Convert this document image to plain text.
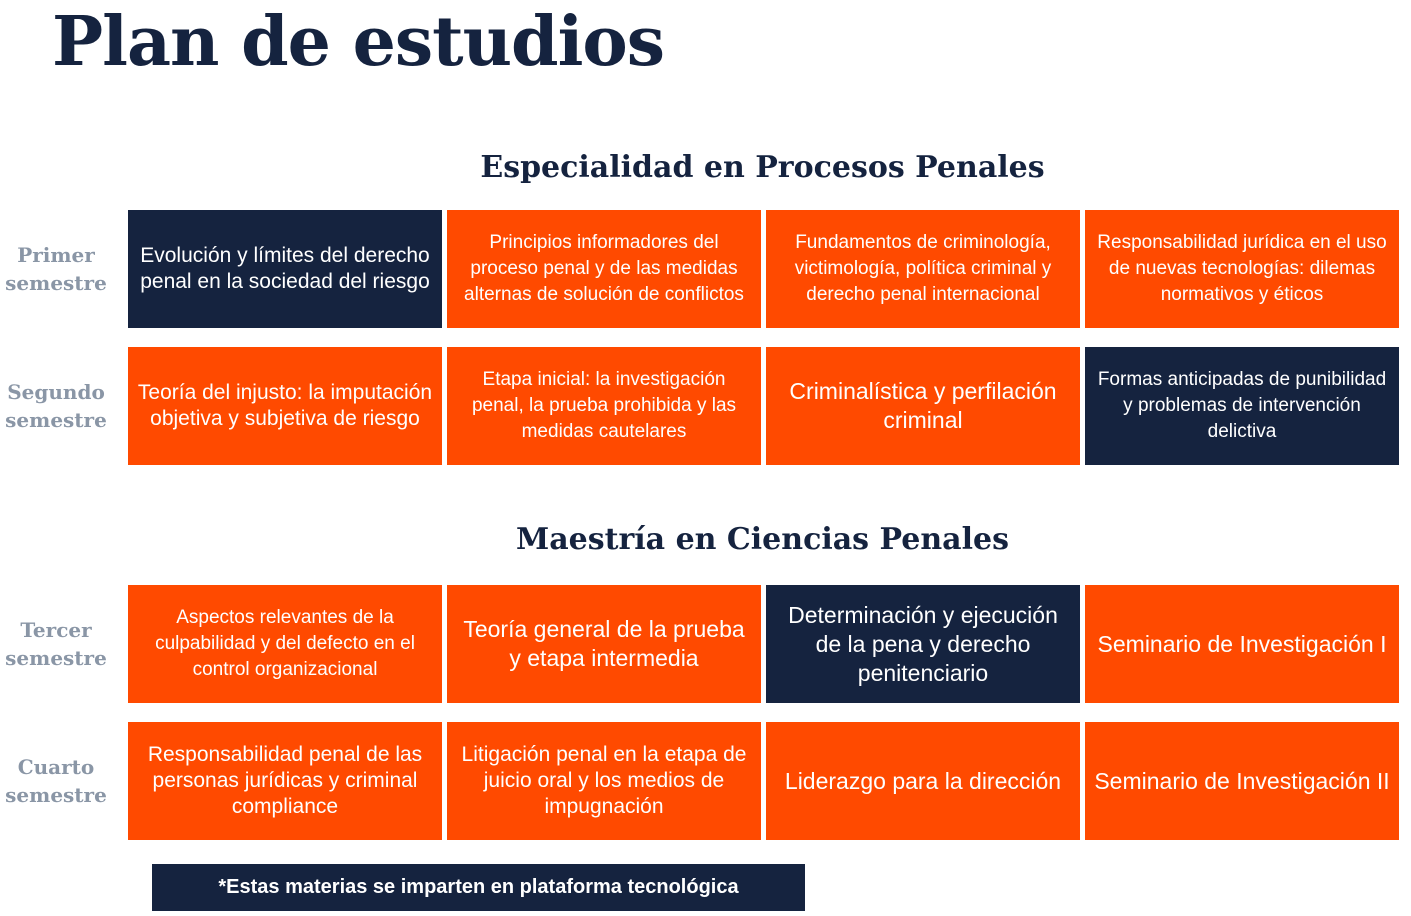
Plan de estudios
Especialidad en Procesos Penales
Primer
semestre
Evolución y límites del derecho penal en la sociedad del riesgo
Principios informadores del proceso penal y de las medidas alternas de solución de conflictos
Fundamentos de criminología, victimología, política criminal y derecho penal internacional
Responsabilidad jurídica en el uso de nuevas tecnologías: dilemas normativos y éticos
Segundo
semestre
Teoría del injusto: la imputación objetiva y subjetiva de riesgo
Etapa inicial: la investigación penal, la prueba prohibida y las medidas cautelares
Criminalística y perfilación criminal
Formas anticipadas de punibilidad y problemas de intervención delictiva
Maestría en Ciencias Penales
Tercer
semestre
Aspectos relevantes de la culpabilidad y del defecto en el control organizacional
Teoría general de la prueba y etapa intermedia
Determinación y ejecución de la pena y derecho penitenciario
Seminario de Investigación I
Cuarto
semestre
Responsabilidad penal de las personas jurídicas y criminal compliance
Litigación penal en la etapa de juicio oral y los medios de impugnación
Liderazgo para la dirección	Seminario de Investigación II
*Estas materias se imparten en plataforma tecnológica
